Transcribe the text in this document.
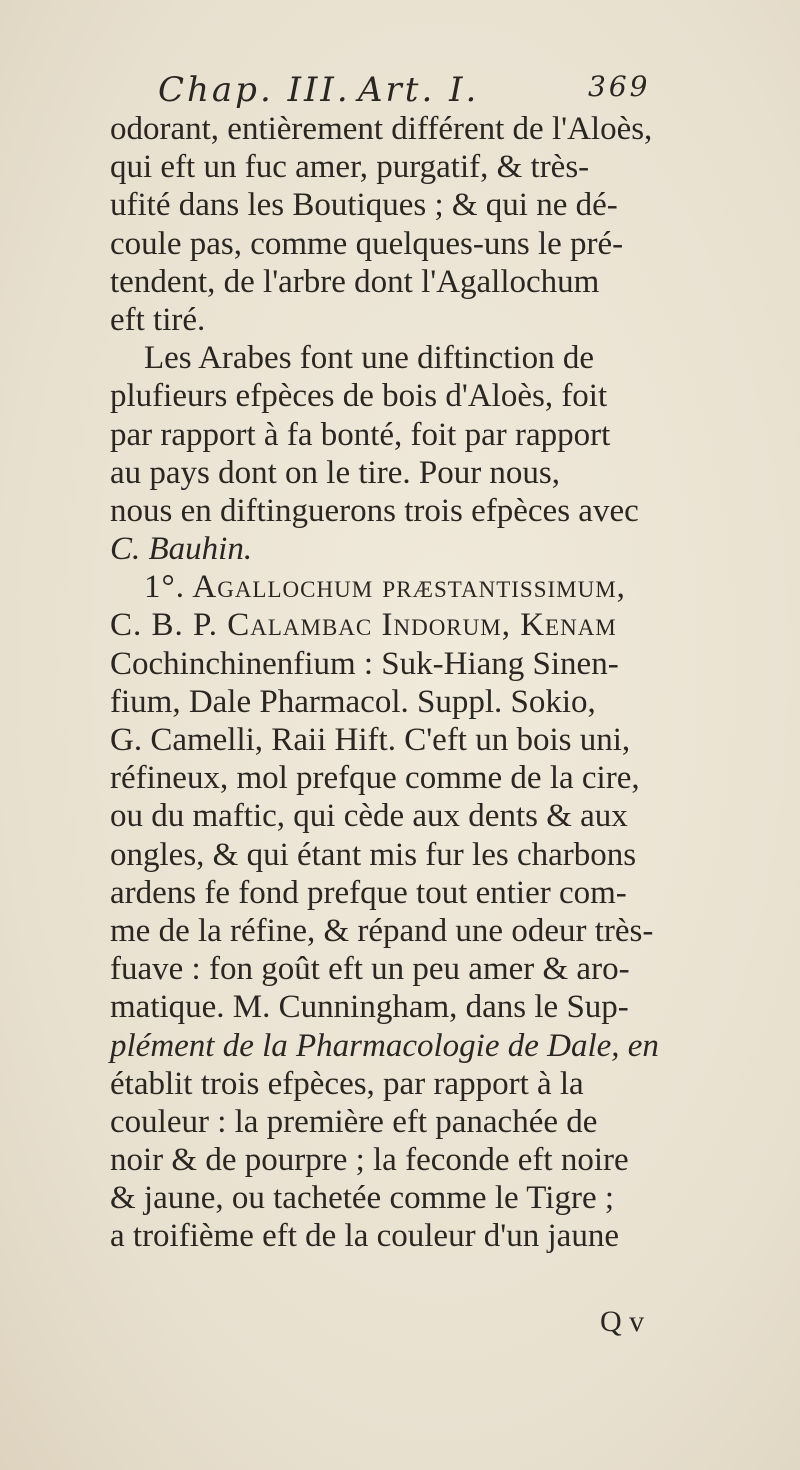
Chap. III. Art. I.	369
odorant, entièrement différent de l'Aloès,
qui eft un fuc amer, purgatif, & très-
ufité dans les Boutiques ; & qui ne dé-
coule pas, comme quelques-uns le pré-
tendent, de l'arbre dont l'Agallochum
eft tiré.
Les Arabes font une diftinction de
plufieurs efpèces de bois d'Aloès, foit
par rapport à fa bonté, foit par rapport
au pays dont on le tire. Pour nous,
nous en diftinguerons trois efpèces avec
C. Bauhin.
1°. Agallochum præstantissimum,
C. B. P. Calambac Indorum, Kenam
Cochinchinenfium : Suk-Hiang Sinen-
fium, Dale Pharmacol. Suppl. Sokio,
G. Camelli, Raii Hift. C'eft un bois uni,
réfineux, mol prefque comme de la cire,
ou du maftic, qui cède aux dents & aux
ongles, & qui étant mis fur les charbons
ardens fe fond prefque tout entier com-
me de la réfine, & répand une odeur très-
fuave : fon goût eft un peu amer & aro-
matique. M. Cunningham, dans le Sup-
plément de la Pharmacologie de Dale, en
établit trois efpèces, par rapport à la
couleur : la première eft panachée de
noir & de pourpre ; la feconde eft noire
& jaune, ou tachetée comme le Tigre ;
a troifième eft de la couleur d'un jaune
Q v
